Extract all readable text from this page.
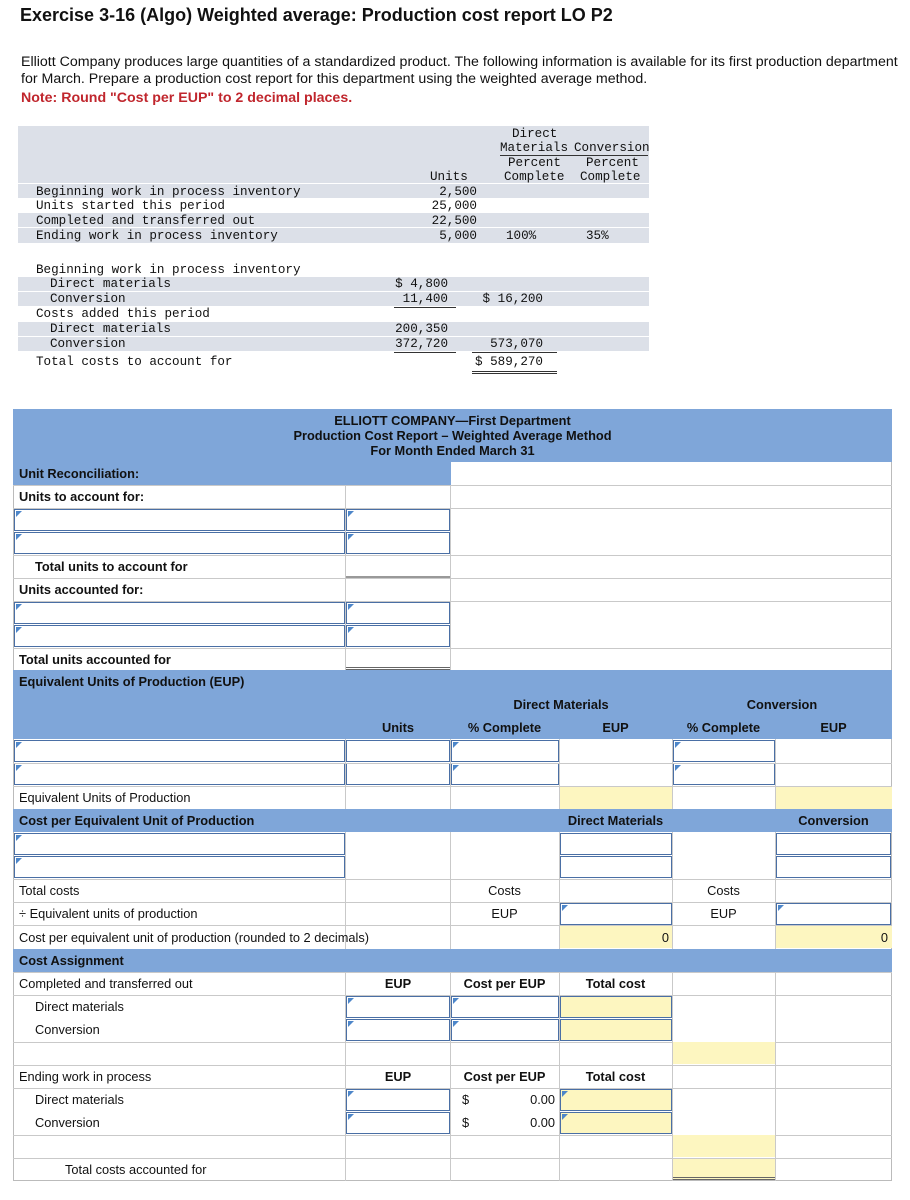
Exercise 3-16 (Algo) Weighted average: Production cost report LO P2
Elliott Company produces large quantities of a standardized product. The following information is available for its first production department for March. Prepare a production cost report for this department using the weighted average method.
Note: Round "Cost per EUP" to 2 decimal places.
Direct
Materials Conversion
Percent Percent
Complete Complete
Units
Beginning work in process inventory	2,500
Units started this period	25,000
Completed and transferred out	22,500
Ending work in process inventory	5,000 100%	35%
Beginning work in process inventory
Direct materials	$ 4,800
Conversion	11,400	$ 16,200
Costs added this period
Direct materials	200,350
Conversion	372,720	573,070
Total costs to account for	$ 589,270
ELLIOTT COMPANY—First Department
Production Cost Report – Weighted Average Method
For Month Ended March 31
Unit Reconciliation:
Units to account for:
Total units to account for
Units accounted for:
Total units accounted for
Equivalent Units of Production (EUP)
Direct Materials	Conversion
Units	% Complete	EUP	% Complete	EUP
Equivalent Units of Production
Cost per Equivalent Unit of Production	Direct Materials	Conversion
Total costs	Costs	Costs
÷ Equivalent units of production	EUP	EUP
Cost per equivalent unit of production (rounded to 2 decimals)	0	0
Cost Assignment
Completed and transferred out	EUP	Cost per EUP	Total cost
Direct materials
Conversion
Ending work in process	EUP	Cost per EUP	Total cost
Direct materials	$	0.00
Conversion	$	0.00
Total costs accounted for
